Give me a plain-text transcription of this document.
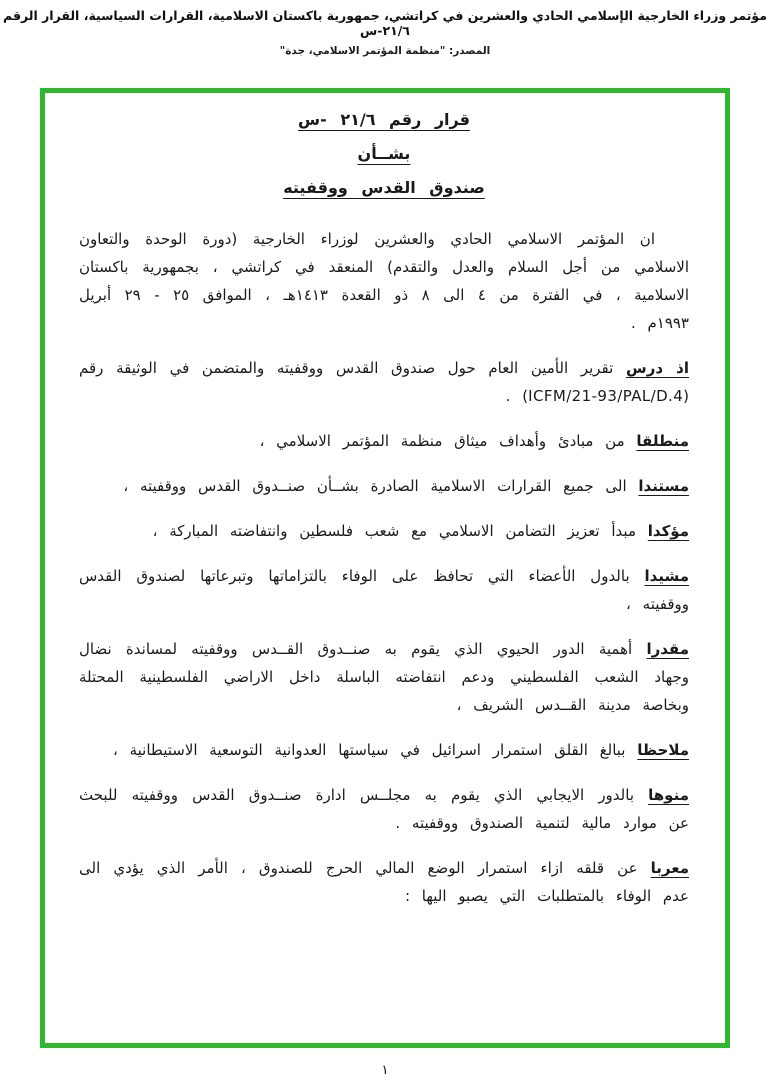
مؤتمر وزراء الخارجية الإسلامي الحادي والعشرين في كراتشي، جمهورية باكستان الاسلامية، القرارات السياسية، القرار الرقم ٢١/٦-س
المصدر: "منظمة المؤتمر الاسلامي، جدة"
قرار رقم ٢١/٦ -س
بشــأن
صندوق القدس ووقفيته

ان المؤتمر الاسلامي الحادي والعشرين لوزراء الخارجية (دورة الوحدة والتعاون الاسلامي من أجل السلام والعدل والتقدم) المنعقد في كراتشي ، بجمهورية باكستان الاسلامية ، في الفترة من ٤ الى ٨ ذو القعدة ١٤١٣هـ ، الموافق ٢٥ - ٢٩ أبريل ١٩٩٣م .

اذ درس تقرير الأمين العام حول صندوق القدس ووقفيته والمتضمن في الوثيقة رقم (ICFM/21-93/PAL/D.4) .

منطلقا من مبادئ وأهداف ميثاق منظمة المؤتمر الاسلامي ،

مستندا الى جميع القرارات الاسلامية الصادرة بشــأن صنــدوق القدس ووقفيته ،

مؤكدا مبدأ تعزيز التضامن الاسلامي مع شعب فلسطين وانتفاضته المباركة ،

مشيدا بالدول الأعضاء التي تحافظ على الوفاء بالتزاماتها وتبرعاتها لصندوق القدس ووقفيته ،

مقدرا أهمية الدور الحيوي الذي يقوم به صنــدوق القــدس ووقفيته لمساندة نضال وجهاد الشعب الفلسطيني ودعم انتفاضته الباسلة داخل الاراضي الفلسطينية المحتلة وبخاصة مدينة القــدس الشريف ،

ملاحظا ببالغ القلق استمرار اسرائيل في سياستها العدوانية التوسعية الاستيطانية ،

منوها بالدور الايجابي الذي يقوم به مجلــس ادارة صنــدوق القدس ووقفيته للبحث عن موارد مالية لتنمية الصندوق ووقفيته .

معربا عن قلقه ازاء استمرار الوضع المالي الحرج للصندوق ، الأمر الذي يؤدي الى عدم الوفاء بالمتطلبات التي يصبو اليها :

١
